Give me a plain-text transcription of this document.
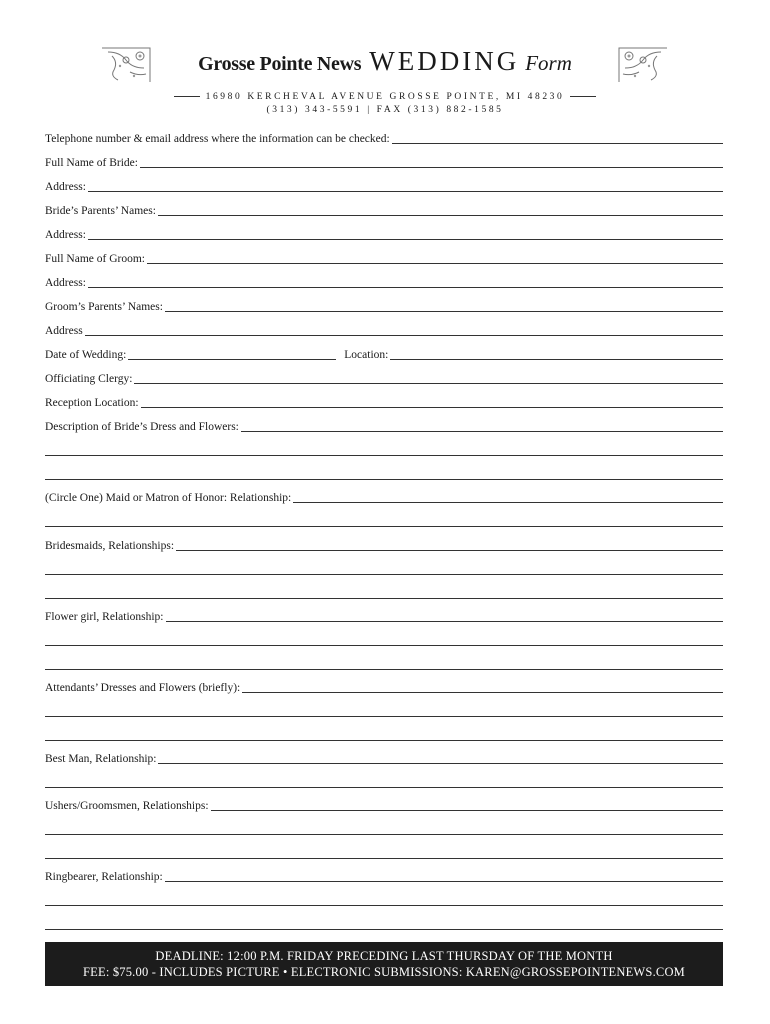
Grosse Pointe News WEDDING Form
16980 KERCHEVAL AVENUE GROSSE POINTE, MI 48230
(313) 343-5591 | FAX (313) 882-1585
Telephone number & email address where the information can be checked:
Full Name of Bride:
Address:
Bride’s Parents’ Names:
Address:
Full Name of Groom:
Address:
Groom’s Parents’ Names:
Address
Date of Wedding:	Location:
Officiating Clergy:
Reception Location:
Description of Bride’s Dress and Flowers:
(Circle One) Maid or Matron of Honor: Relationship:
Bridesmaids, Relationships:
Flower girl, Relationship:
Attendants’ Dresses and Flowers (briefly):
Best Man, Relationship:
Ushers/Groomsmen, Relationships:
Ringbearer, Relationship:
DEADLINE: 12:00 P.M. FRIDAY PRECEDING LAST THURSDAY OF THE MONTH
FEE: $75.00 - INCLUDES PICTURE • ELECTRONIC SUBMISSIONS: KAREN@GROSSEPOINTENEWS.COM
